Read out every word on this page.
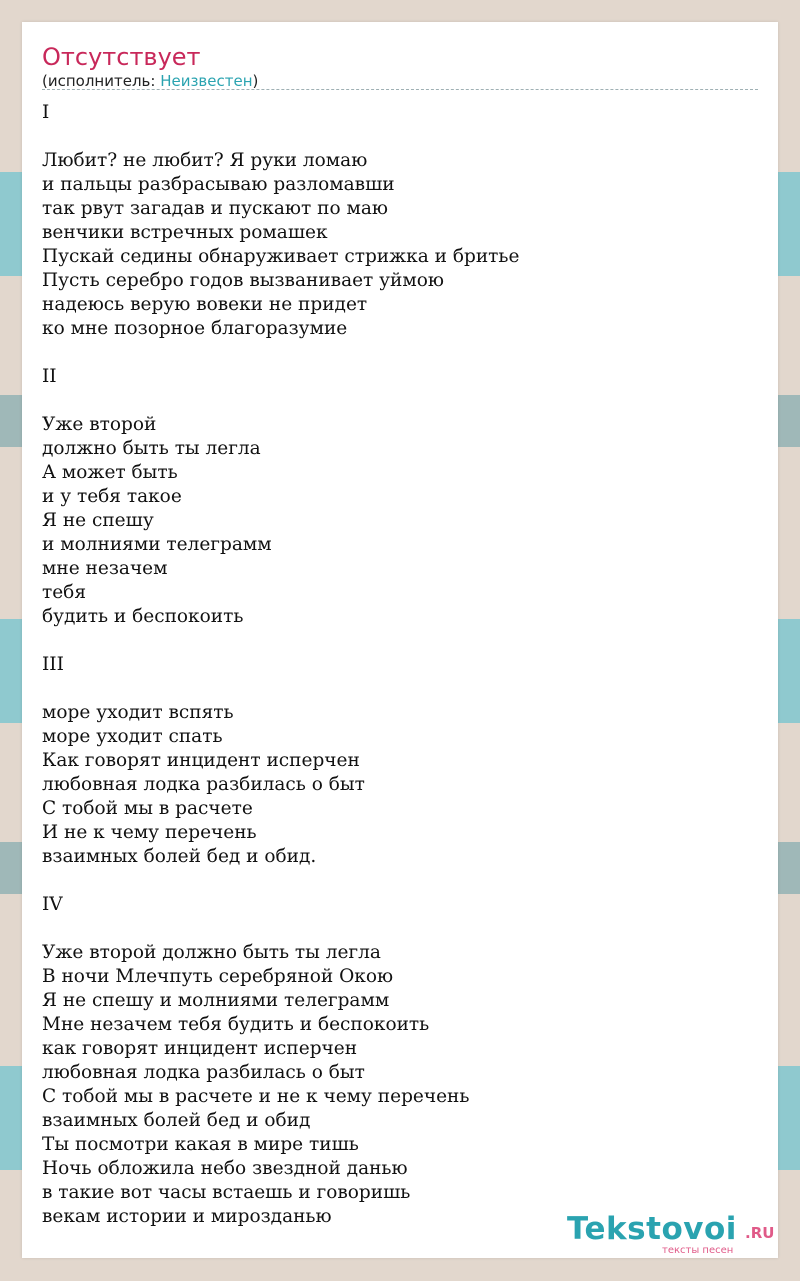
Отсутствует
(исполнитель: Неизвестен)
I
Любит? не любит? Я руки ломаю
и пальцы разбрасываю разломавши
так рвут загадав и пускают по маю
венчики встречных ромашек
Пускай седины обнаруживает стрижка и бритье
Пусть серебро годов вызванивает уймою
надеюсь верую вовеки не придет
ко мне позорное благоразумие
II
Уже второй
должно быть ты легла
А может быть
и у тебя такое
Я не спешу
и молниями телеграмм
мне незачем
тебя
будить и беспокоить
III
море уходит вспять
море уходит спать
Как говорят инцидент исперчен
любовная лодка разбилась о быт
С тобой мы в расчете
И не к чему перечень
взаимных болей бед и обид.
IV
Уже второй должно быть ты легла
В ночи Млечпуть серебряной Окою
Я не спешу и молниями телеграмм
Мне незачем тебя будить и беспокоить
как говорят инцидент исперчен
любовная лодка разбилась о быт
С тобой мы в расчете и не к чему перечень
взаимных болей бед и обид
Ты посмотри какая в мире тишь
Ночь обложила небо звездной данью
в такие вот часы встаешь и говоришь
векам истории и мирозданью	Tekstovoi .RU
тексты песен
